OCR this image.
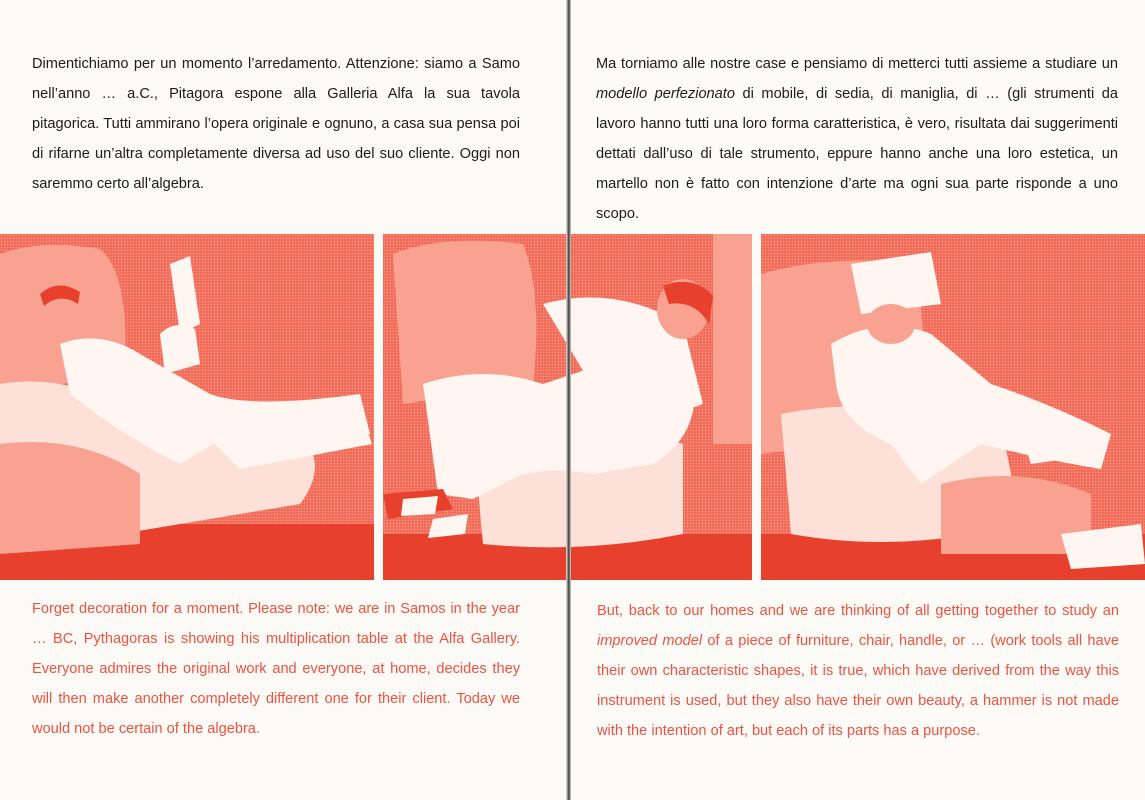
Dimentichiamo per un momento l’arredamento. Attenzione: siamo a Samo nell’anno … a.C., Pitagora espone alla Galleria Alfa la sua tavola pitagorica. Tutti ammirano l’opera originale e ognuno, a casa sua pensa poi di rifarne un’altra completamente diversa ad uso del suo cliente. Oggi non saremmo certo all’algebra.

Forget decoration for a moment. Please note: we are in Samos in the year … BC, Pythagoras is showing his multiplication table at the Alfa Gallery. Everyone admires the original work and everyone, at home, decides they will then make another completely different one for their client. Today we would not be certain of the algebra.

Ma torniamo alle nostre case e pensiamo di metterci tutti assieme a studiare un modello perfezionato di mobile, di sedia, di maniglia, di … (gli strumenti da lavoro hanno tutti una loro forma caratteristica, è vero, risultata dai suggerimenti dettati dall’uso di tale strumento, eppure hanno anche una loro estetica, un martello non è fatto con intenzione d’arte ma ogni sua parte risponde a uno scopo.

But, back to our homes and we are thinking of all getting together to study an improved model of a piece of furniture, chair, handle, or … (work tools all have their own characteristic shapes, it is true, which have derived from the way this instrument is used, but they also have their own beauty, a hammer is not made with the intention of art, but each of its parts has a purpose.
